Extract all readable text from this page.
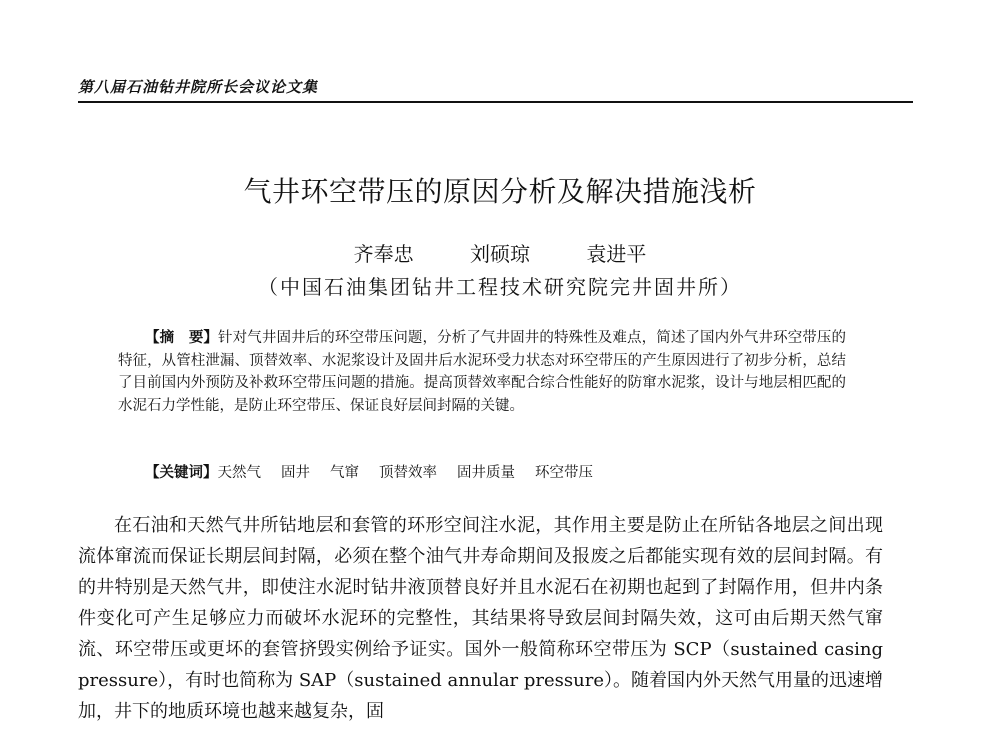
第八届石油钻井院所长会议论文集
气井环空带压的原因分析及解决措施浅析
齐奉忠	刘硕琼	袁进平
（中国石油集团钻井工程技术研究院完井固井所）
【摘　要】针对气井固井后的环空带压问题，分析了气井固井的特殊性及难点，简述了国内外气井环空带压的特征，从管柱泄漏、顶替效率、水泥浆设计及固井后水泥环受力状态对环空带压的产生原因进行了初步分析，总结了目前国内外预防及补救环空带压问题的措施。提高顶替效率配合综合性能好的防窜水泥浆，设计与地层相匹配的水泥石力学性能，是防止环空带压、保证良好层间封隔的关键。
【关键词】天然气 固井 气窜 顶替效率 固井质量 环空带压
在石油和天然气井所钻地层和套管的环形空间注水泥，其作用主要是防止在所钻各地层之间出现流体窜流而保证长期层间封隔，必须在整个油气井寿命期间及报废之后都能实现有效的层间封隔。有的井特别是天然气井，即使注水泥时钻井液顶替良好并且水泥石在初期也起到了封隔作用，但井内条件变化可产生足够应力而破坏水泥环的完整性，其结果将导致层间封隔失效，这可由后期天然气窜流、环空带压或更坏的套管挤毁实例给予证实。国外一般简称环空带压为 SCP（sustained casing pressure），有时也简称为 SAP（sustained annular pressure）。随着国内外天然气用量的迅速增加，井下的地质环境也越来越复杂，固
